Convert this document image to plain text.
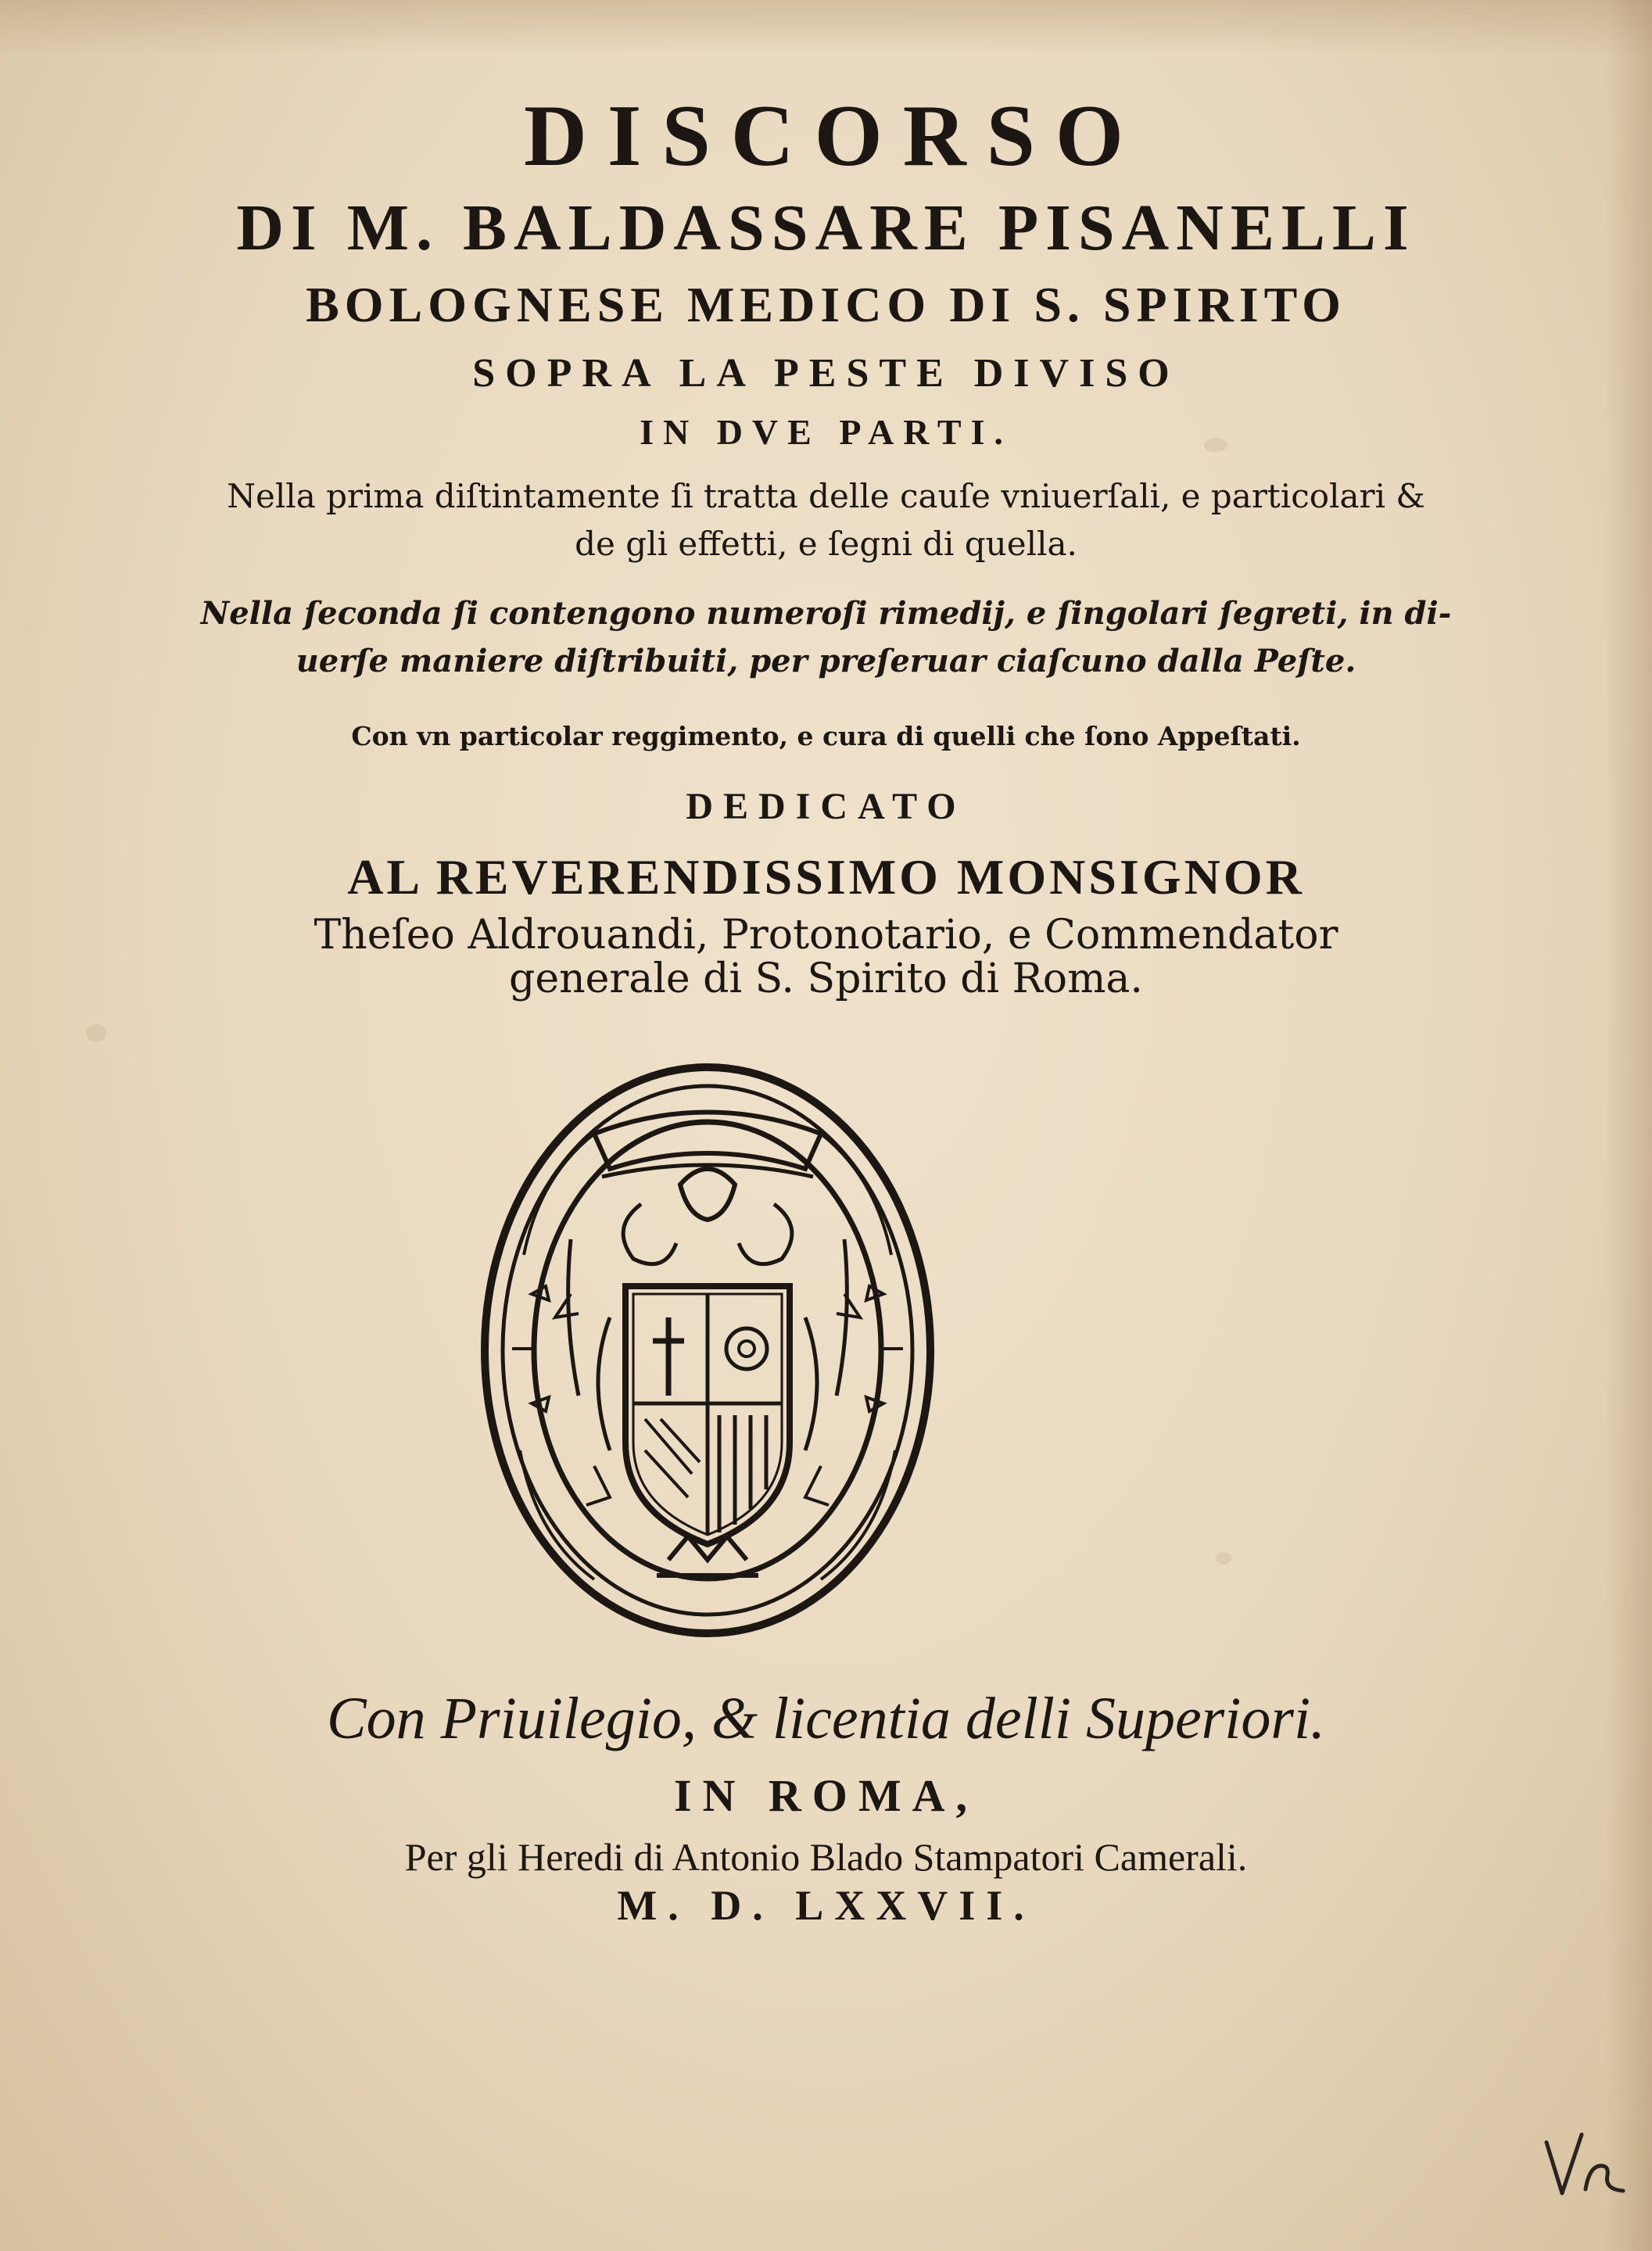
DISCORSO
DI M. BALDASSARE PISANELLI
BOLOGNESE MEDICO DI S. SPIRITO
SOPRA LA PESTE DIVISO
IN DVE PARTI.
Nella prima diſtintamente ſi tratta delle cauſe vniuerſali, e particolari &
de gli effetti, e ſegni di quella.
Nella ſeconda ſi contengono numeroſi rimedij, e ſingolari ſegreti, in di-
uerſe maniere diſtribuiti, per preſeruar ciaſcuno dalla Peſte.
Con vn particolar reggimento, e cura di quelli che ſono Appeſtati.
DEDICATO
AL REVERENDISSIMO MONSIGNOR
Theſeo Aldrouandi, Protonotario, e Commendator
generale di S. Spirito di Roma.
Con Priuilegio, & licentia delli Superiori.
IN ROMA,
Per gli Heredi di Antonio Blado Stampatori Camerali.
M. D. LXXVII.
